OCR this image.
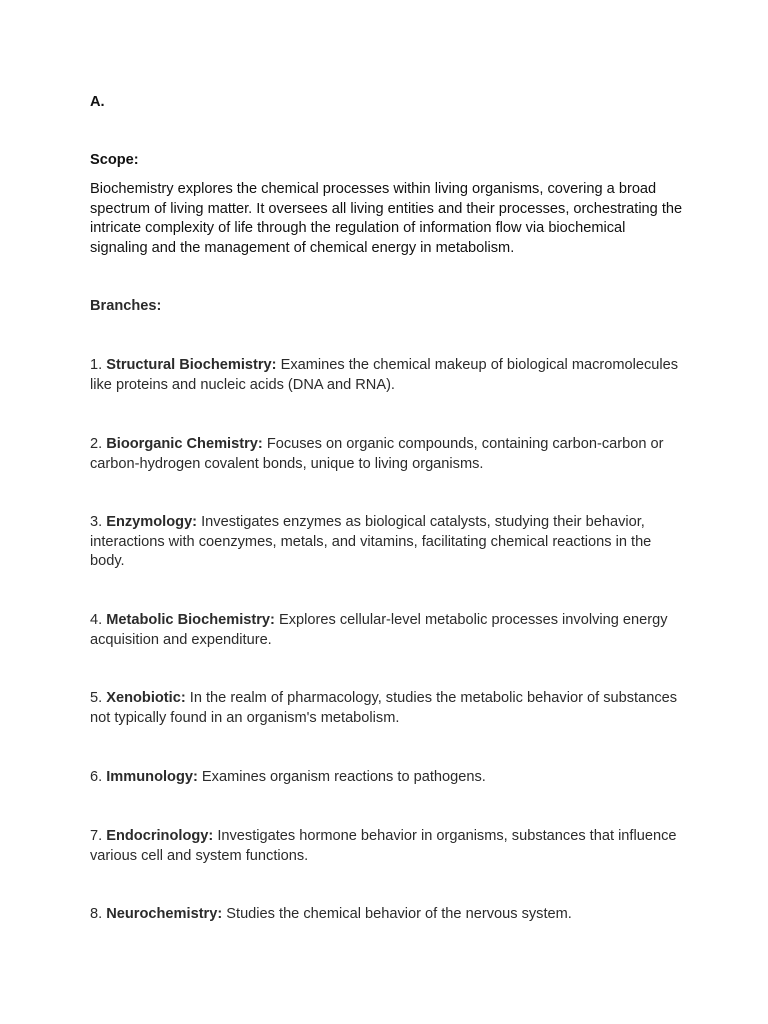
A.
Scope:
Biochemistry explores the chemical processes within living organisms, covering a broad spectrum of living matter. It oversees all living entities and their processes, orchestrating the intricate complexity of life through the regulation of information flow via biochemical signaling and the management of chemical energy in metabolism.
Branches:
1. Structural Biochemistry: Examines the chemical makeup of biological macromolecules like proteins and nucleic acids (DNA and RNA).
2. Bioorganic Chemistry: Focuses on organic compounds, containing carbon-carbon or carbon-hydrogen covalent bonds, unique to living organisms.
3. Enzymology: Investigates enzymes as biological catalysts, studying their behavior, interactions with coenzymes, metals, and vitamins, facilitating chemical reactions in the body.
4. Metabolic Biochemistry: Explores cellular-level metabolic processes involving energy acquisition and expenditure.
5. Xenobiotic: In the realm of pharmacology, studies the metabolic behavior of substances not typically found in an organism's metabolism.
6. Immunology: Examines organism reactions to pathogens.
7. Endocrinology: Investigates hormone behavior in organisms, substances that influence various cell and system functions.
8. Neurochemistry: Studies the chemical behavior of the nervous system.
